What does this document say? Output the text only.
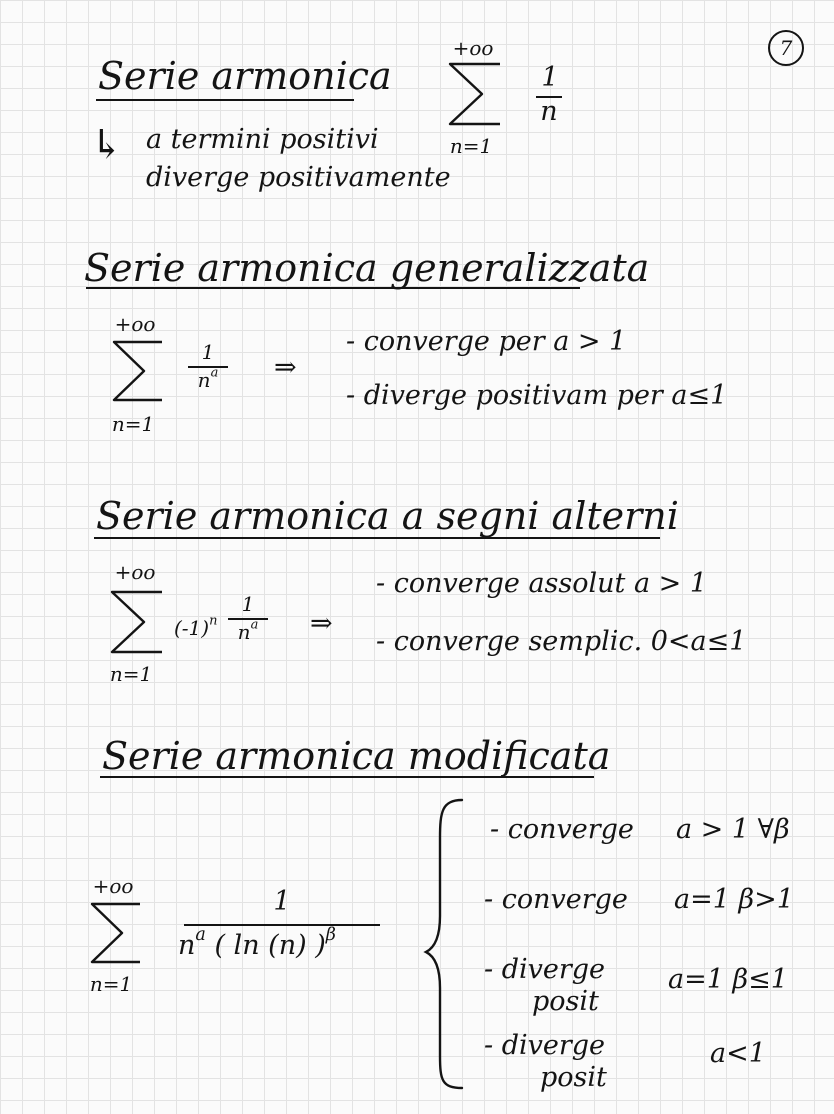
7
Serie armonica
+oo
n=1
1
n
↳ a termini positivi
diverge positivamente
Serie armonica generalizzata
+oo
n=1
1
$n^a$	⇒
- converge per a > 1
- diverge positivam per a≤1
Serie armonica a segni alterni
+oo
n=1
$(-1)^n$
1
$n^a$	⇒
- converge assolut a > 1
- converge semplic. 0<a≤1
Serie armonica modificata
+oo
n=1
1
$n^a$ ( ln (n) )$^\beta$
- converge a > 1 ∀β
- converge a=1 β>1
- diverge
posit
a=1 β≤1
- diverge
posit
a<1
